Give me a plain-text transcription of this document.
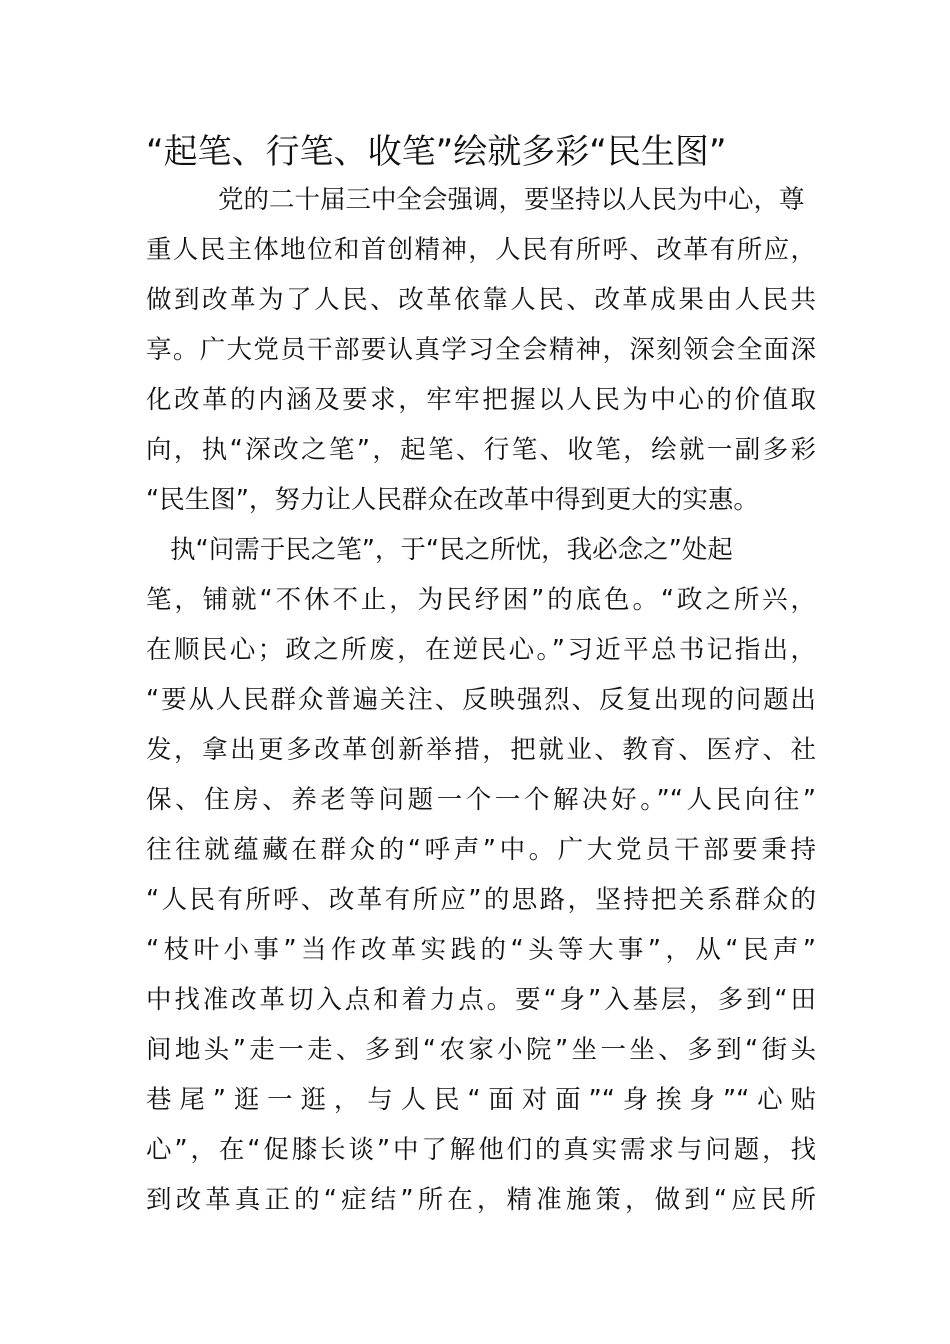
“起笔、行笔、收笔”绘就多彩“民生图”
党的二十届三中全会强调，要坚持以人民为中心，尊
重人民主体地位和首创精神，人民有所呼、改革有所应，
做到改革为了人民、改革依靠人民、改革成果由人民共
享。广大党员干部要认真学习全会精神，深刻领会全面深
化改革的内涵及要求，牢牢把握以人民为中心的价值取
向，执“深改之笔”，起笔、行笔、收笔，绘就一副多彩
“民生图”，努力让人民群众在改革中得到更大的实惠。
执“问需于民之笔”，于“民之所忧，我必念之”处起
笔，铺就“不休不止，为民纾困”的底色。“政之所兴，
在顺民心；政之所废，在逆民心。”习近平总书记指出，
“要从人民群众普遍关注、反映强烈、反复出现的问题出
发，拿出更多改革创新举措，把就业、教育、医疗、社
保、住房、养老等问题一个一个解决好。”“人民向往”
往往就蕴藏在群众的“呼声”中。广大党员干部要秉持
“人民有所呼、改革有所应”的思路，坚持把关系群众的
“枝叶小事”当作改革实践的“头等大事”，从“民声”
中找准改革切入点和着力点。要“身”入基层，多到“田
间地头”走一走、多到“农家小院”坐一坐、多到“街头
巷尾”逛一逛，与人民“面对面”“身挨身”“心贴
心”，在“促膝长谈”中了解他们的真实需求与问题，找
到改革真正的“症结”所在，精准施策，做到“应民所
